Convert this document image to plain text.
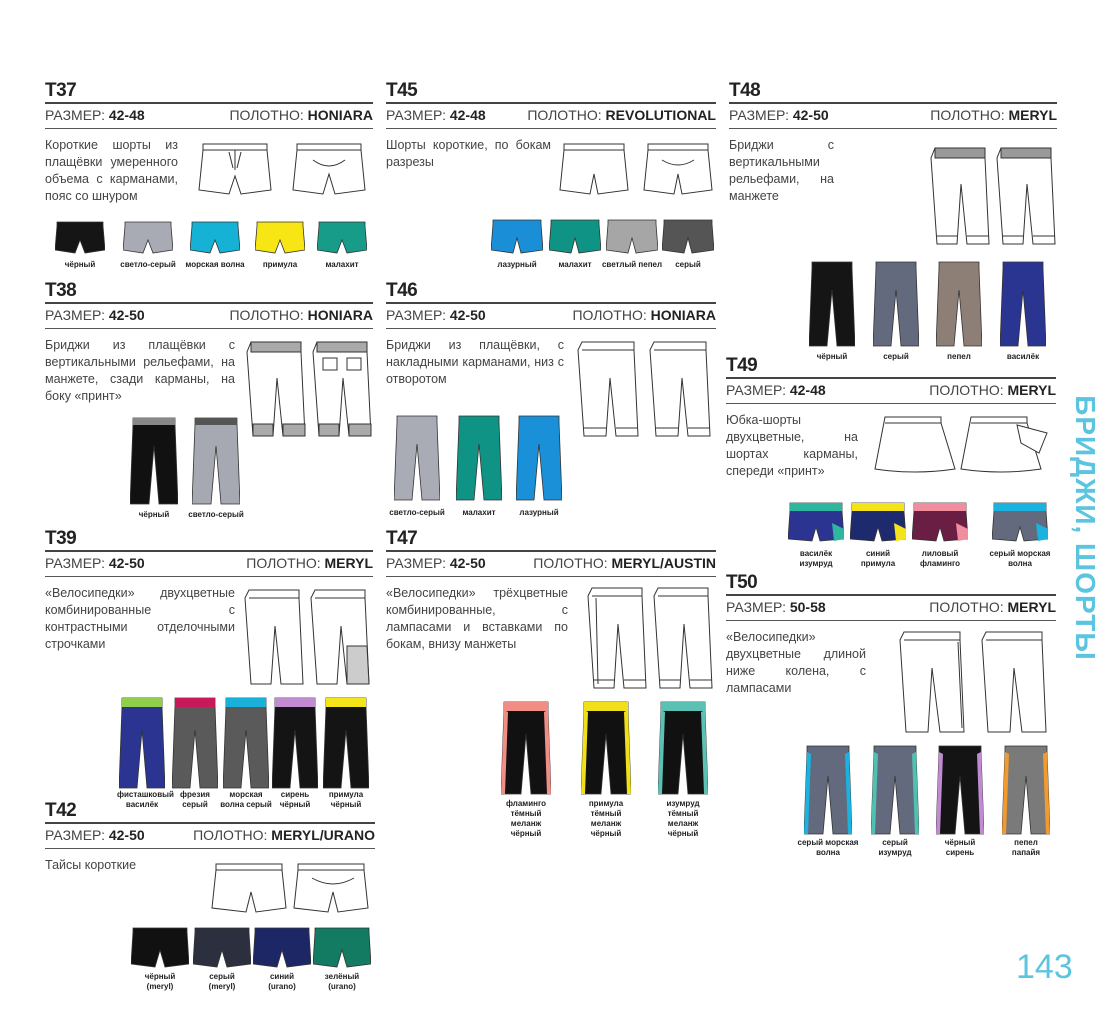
T37
РАЗМЕР: 42-48	ПОЛОТНО: HONIARA
Короткие шорты из плащёвки умеренного объема с карманами, пояс со шнуром
чёрный	светло-серый морская волна примула	малахит
T45
РАЗМЕР: 42-48	ПОЛОТНО: REVOLUTIONAL
Шорты короткие, по бокам разрезы
лазурный	малахит светлый пепел серый
T48
РАЗМЕР: 42-50	ПОЛОТНО: MERYL
Бриджи с вертикальными рельефами, на манжете
чёрный	серый	пепел	василёк
T38
РАЗМЕР: 42-50	ПОЛОТНО: HONIARA
Бриджи из плащёвки с вертикальными рельефами, на манжете, сзади карманы, на боку «принт»
чёрный светло-серый
T46
РАЗМЕР: 42-50	ПОЛОТНО: HONIARA
Бриджи из плащёвки, с накладными карманами, низ с отворотом
светло-серый малахит	лазурный
T49
РАЗМЕР: 42-48	ПОЛОТНО: MERYL
Юбка-шорты двухцветные, на шортах карманы, спереди «принт»
василёк изумруд
синий примула
лиловый фламинго
серый морская волна
T39
РАЗМЕР: 42-50	ПОЛОТНО: MERYL
«Велосипедки» двухцветные комбинированные с контрастными отделочными строчками
фисташковый василёк
фрезия серый
морская волна серый
сирень чёрный
примула чёрный
T47
РАЗМЕР: 42-50	ПОЛОТНО: MERYL/AUSTIN
«Велосипедки» трёхцветные комбинированные, с лампасами и вставками по бокам, внизу манжеты
фламинго тёмный меланж чёрный
примула тёмный меланж чёрный
изумруд тёмный меланж чёрный
T50
РАЗМЕР: 50-58	ПОЛОТНО: MERYL
«Велосипедки» двухцветные длиной ниже колена, с лампасами
серый морская волна
серый изумруд
чёрный сирень
пепел папайя
T42
РАЗМЕР: 42-50	ПОЛОТНО: MERYL/URANO
Тайсы короткие
чёрный (meryl)
серый (meryl)
синий (urano)
зелёный (urano)
БРИДЖИ, ШОРТЫ
143
